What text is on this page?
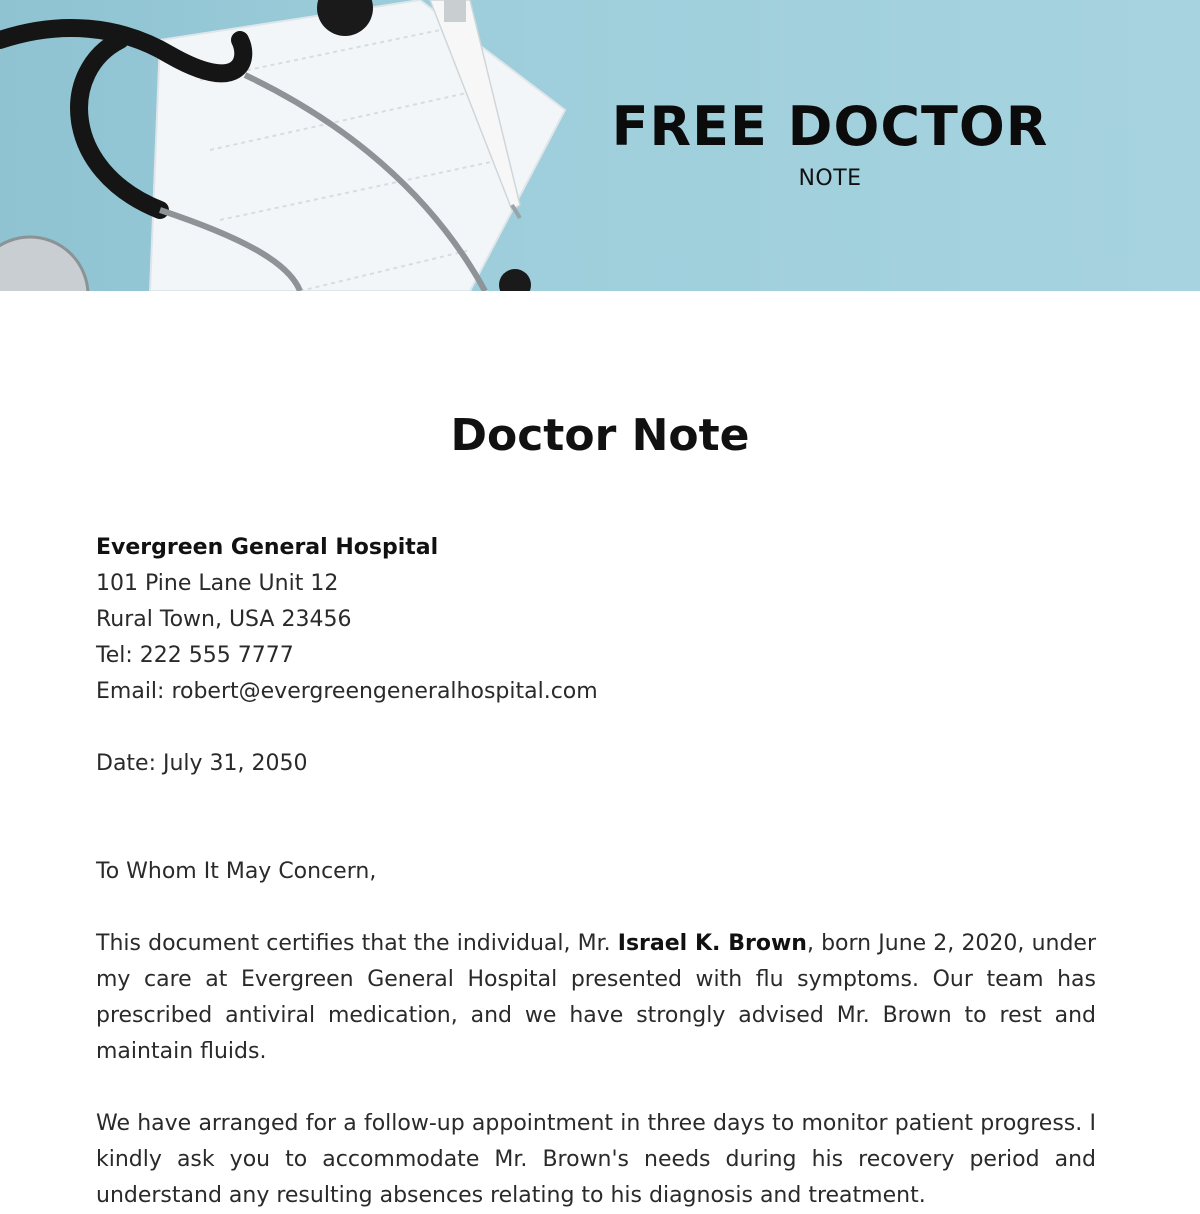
FREE DOCTOR
NOTE
Doctor Note
Evergreen General Hospital
101 Pine Lane Unit 12
Rural Town, USA 23456
Tel: 222 555 7777
Email: robert@evergreengeneralhospital.com
Date: July 31, 2050
To Whom It May Concern,

This document certifies that the individual, Mr. Israel K. Brown, born June 2, 2020, under my care at Evergreen General Hospital presented with flu symptoms. Our team has prescribed antiviral medication, and we have strongly advised Mr. Brown to rest and maintain fluids.

We have arranged for a follow-up appointment in three days to monitor patient progress. I kindly ask you to accommodate Mr. Brown's needs during his recovery period and understand any resulting absences relating to his diagnosis and treatment.
